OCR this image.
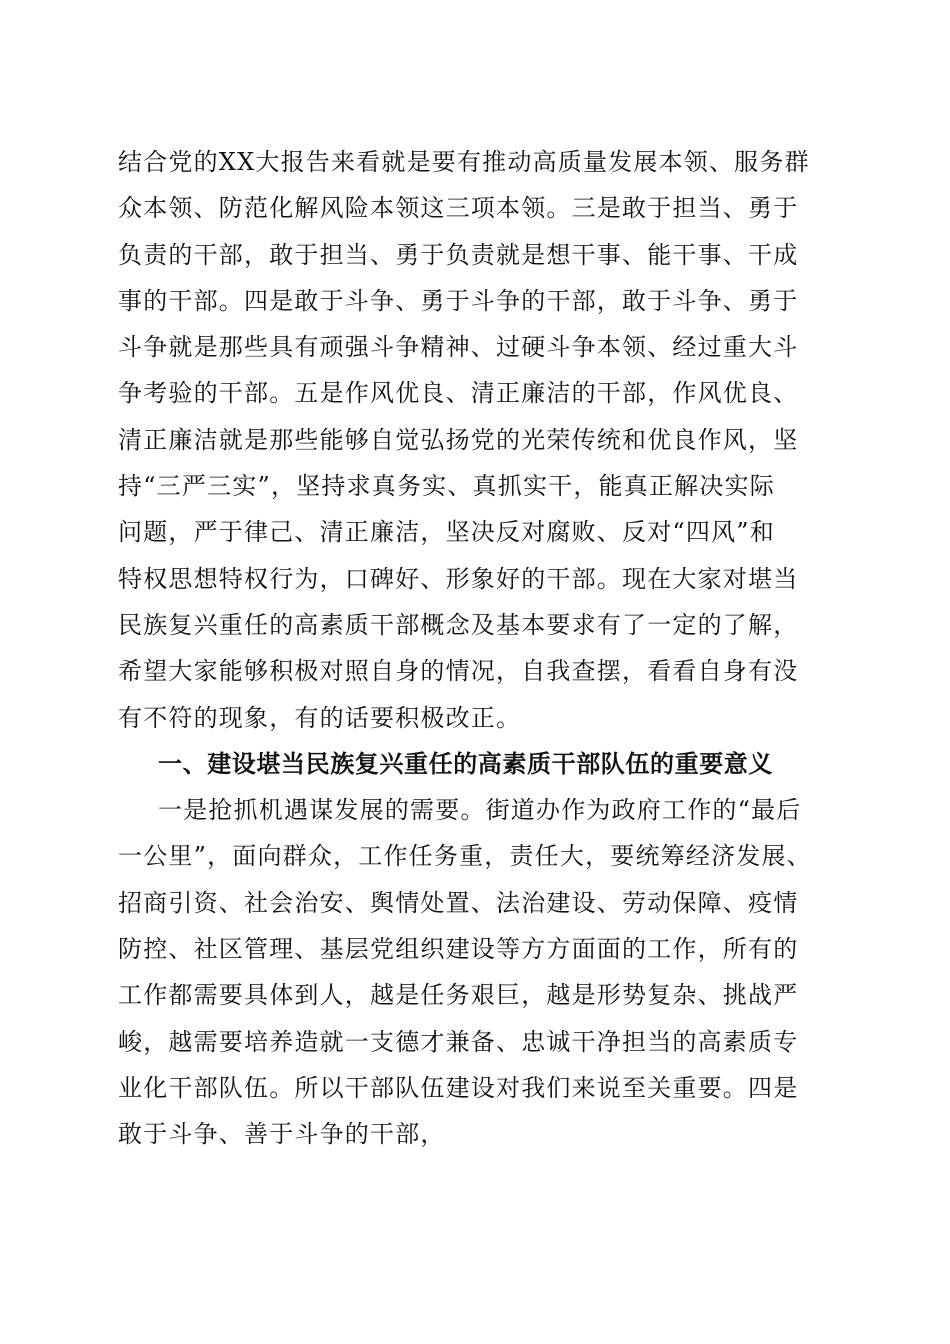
结合党的XX大报告来看就是要有推动高质量发展本领、服务群
众本领、防范化解风险本领这三项本领。三是敢于担当、勇于
负责的干部，敢于担当、勇于负责就是想干事、能干事、干成
事的干部。四是敢于斗争、勇于斗争的干部，敢于斗争、勇于
斗争就是那些具有顽强斗争精神、过硬斗争本领、经过重大斗
争考验的干部。五是作风优良、清正廉洁的干部，作风优良、
清正廉洁就是那些能够自觉弘扬党的光荣传统和优良作风，坚
持“三严三实”，坚持求真务实、真抓实干，能真正解决实际
问题，严于律己、清正廉洁，坚决反对腐败、反对“四风”和
特权思想特权行为，口碑好、形象好的干部。现在大家对堪当
民族复兴重任的高素质干部概念及基本要求有了一定的了解，
希望大家能够积极对照自身的情况，自我查摆，看看自身有没
有不符的现象，有的话要积极改正。
一、建设堪当民族复兴重任的高素质干部队伍的重要意义
一是抢抓机遇谋发展的需要。街道办作为政府工作的“最后
一公里”，面向群众，工作任务重，责任大，要统筹经济发展、
招商引资、社会治安、舆情处置、法治建设、劳动保障、疫情
防控、社区管理、基层党组织建设等方方面面的工作，所有的
工作都需要具体到人，越是任务艰巨，越是形势复杂、挑战严
峻，越需要培养造就一支德才兼备、忠诚干净担当的高素质专
业化干部队伍。所以干部队伍建设对我们来说至关重要。四是
敢于斗争、善于斗争的干部，
